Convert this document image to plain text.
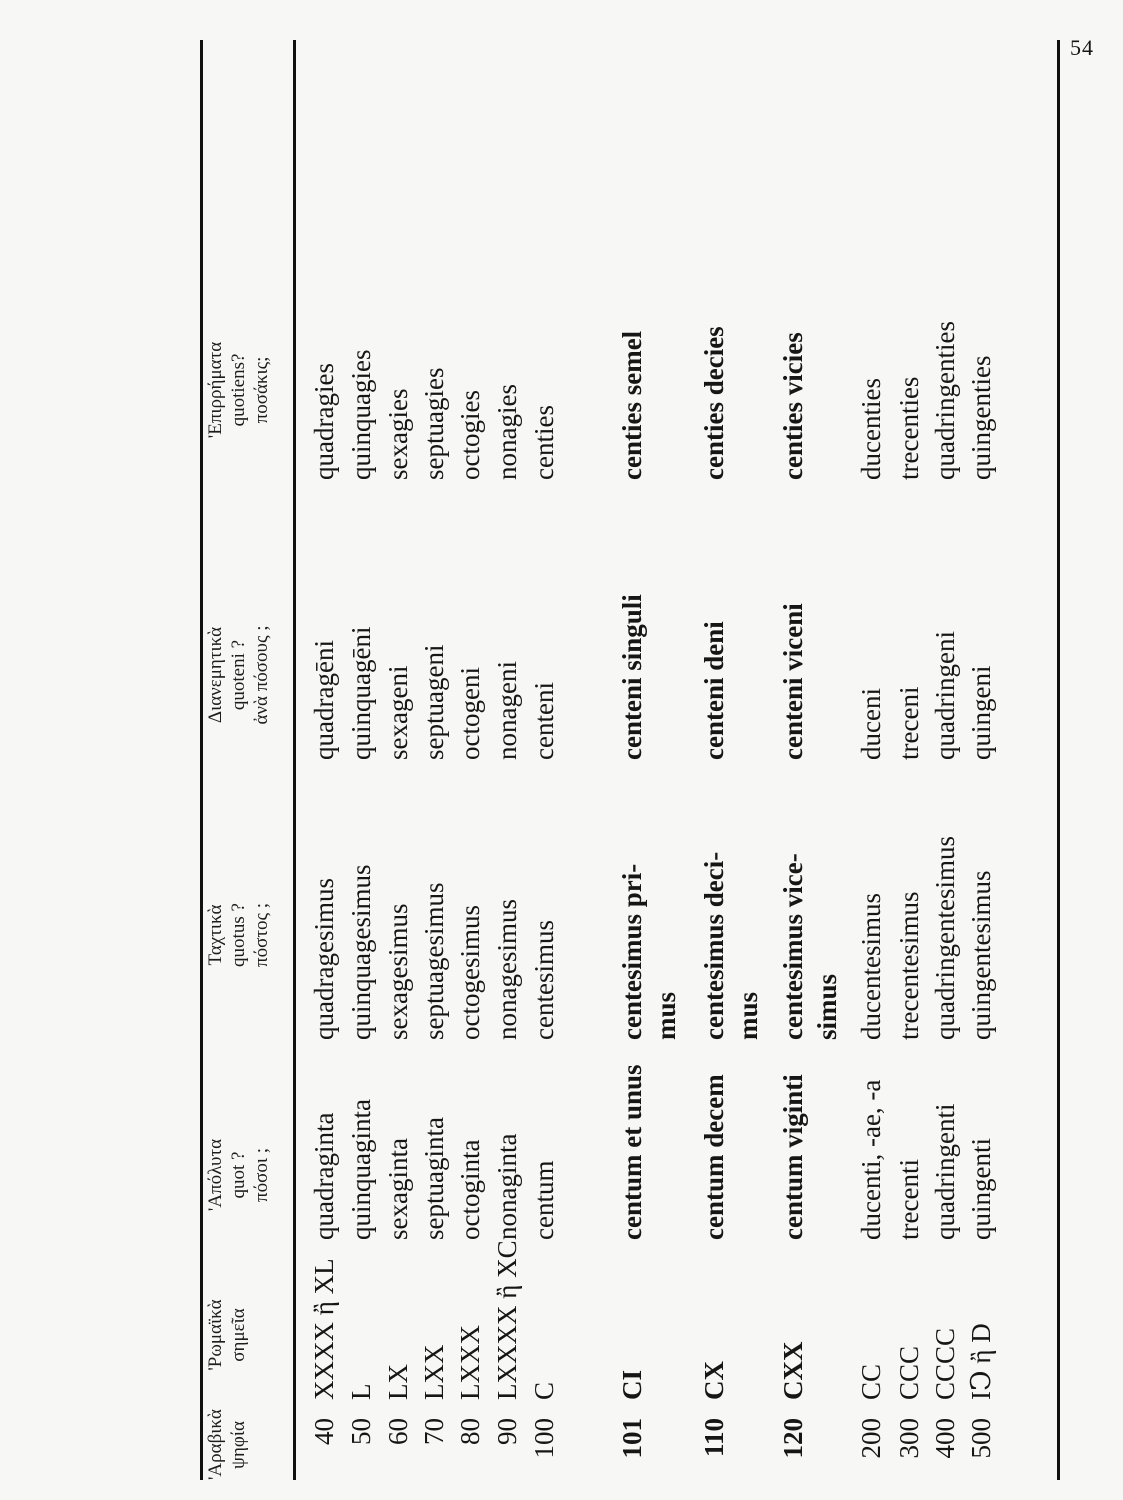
54
'Αραβικὰ ψηφία
'Ρωμαϊκὰ σημεῖα
'Απόλυτα quot ? πόσοι ;
Ταχτικὰ quotus ? πόστος ;
Διανεμητικὰ quoteni ? ἀνὰ πόσους ;
'Επιρρήματα quotiens? ποσάκις;
40
XXXX ἢ XL
quadraginta
quadragesimus
quadragēni
quadragies
50
L
quinquaginta
quinquagesimus
quinquagēni
quinquagies
60
LX
sexaginta
sexagesimus
sexageni
sexagies
70
LXX
septuaginta
septuagesimus
septuageni
septuagies
80
LXXX
octoginta
octogesimus
octogeni
octogies
90
LXXXX ἢ XC
nonaginta
nonagesimus
nonageni
nonagies
100
C
centum
centesimus
centeni
centies
101
CI
centum et unus
centesimus pri-
centeni singuli
centies semel
mus
110
CX
centum decem
centesimus deci-
centeni deni
centies decies
mus
120
CXX
centum viginti
centesimus vice-
centeni viceni
centies vicies
simus
200
CC
ducenti, -ae, -a
ducentesimus
duceni
ducenties
300
CCC
trecenti
trecentesimus
treceni
trecenties
400
CCCC
quadringenti
quadringentesimus
quadringeni
quadringenties
500
IↃ ἢ D
quingenti
quingentesimus
quingeni
quingenties
